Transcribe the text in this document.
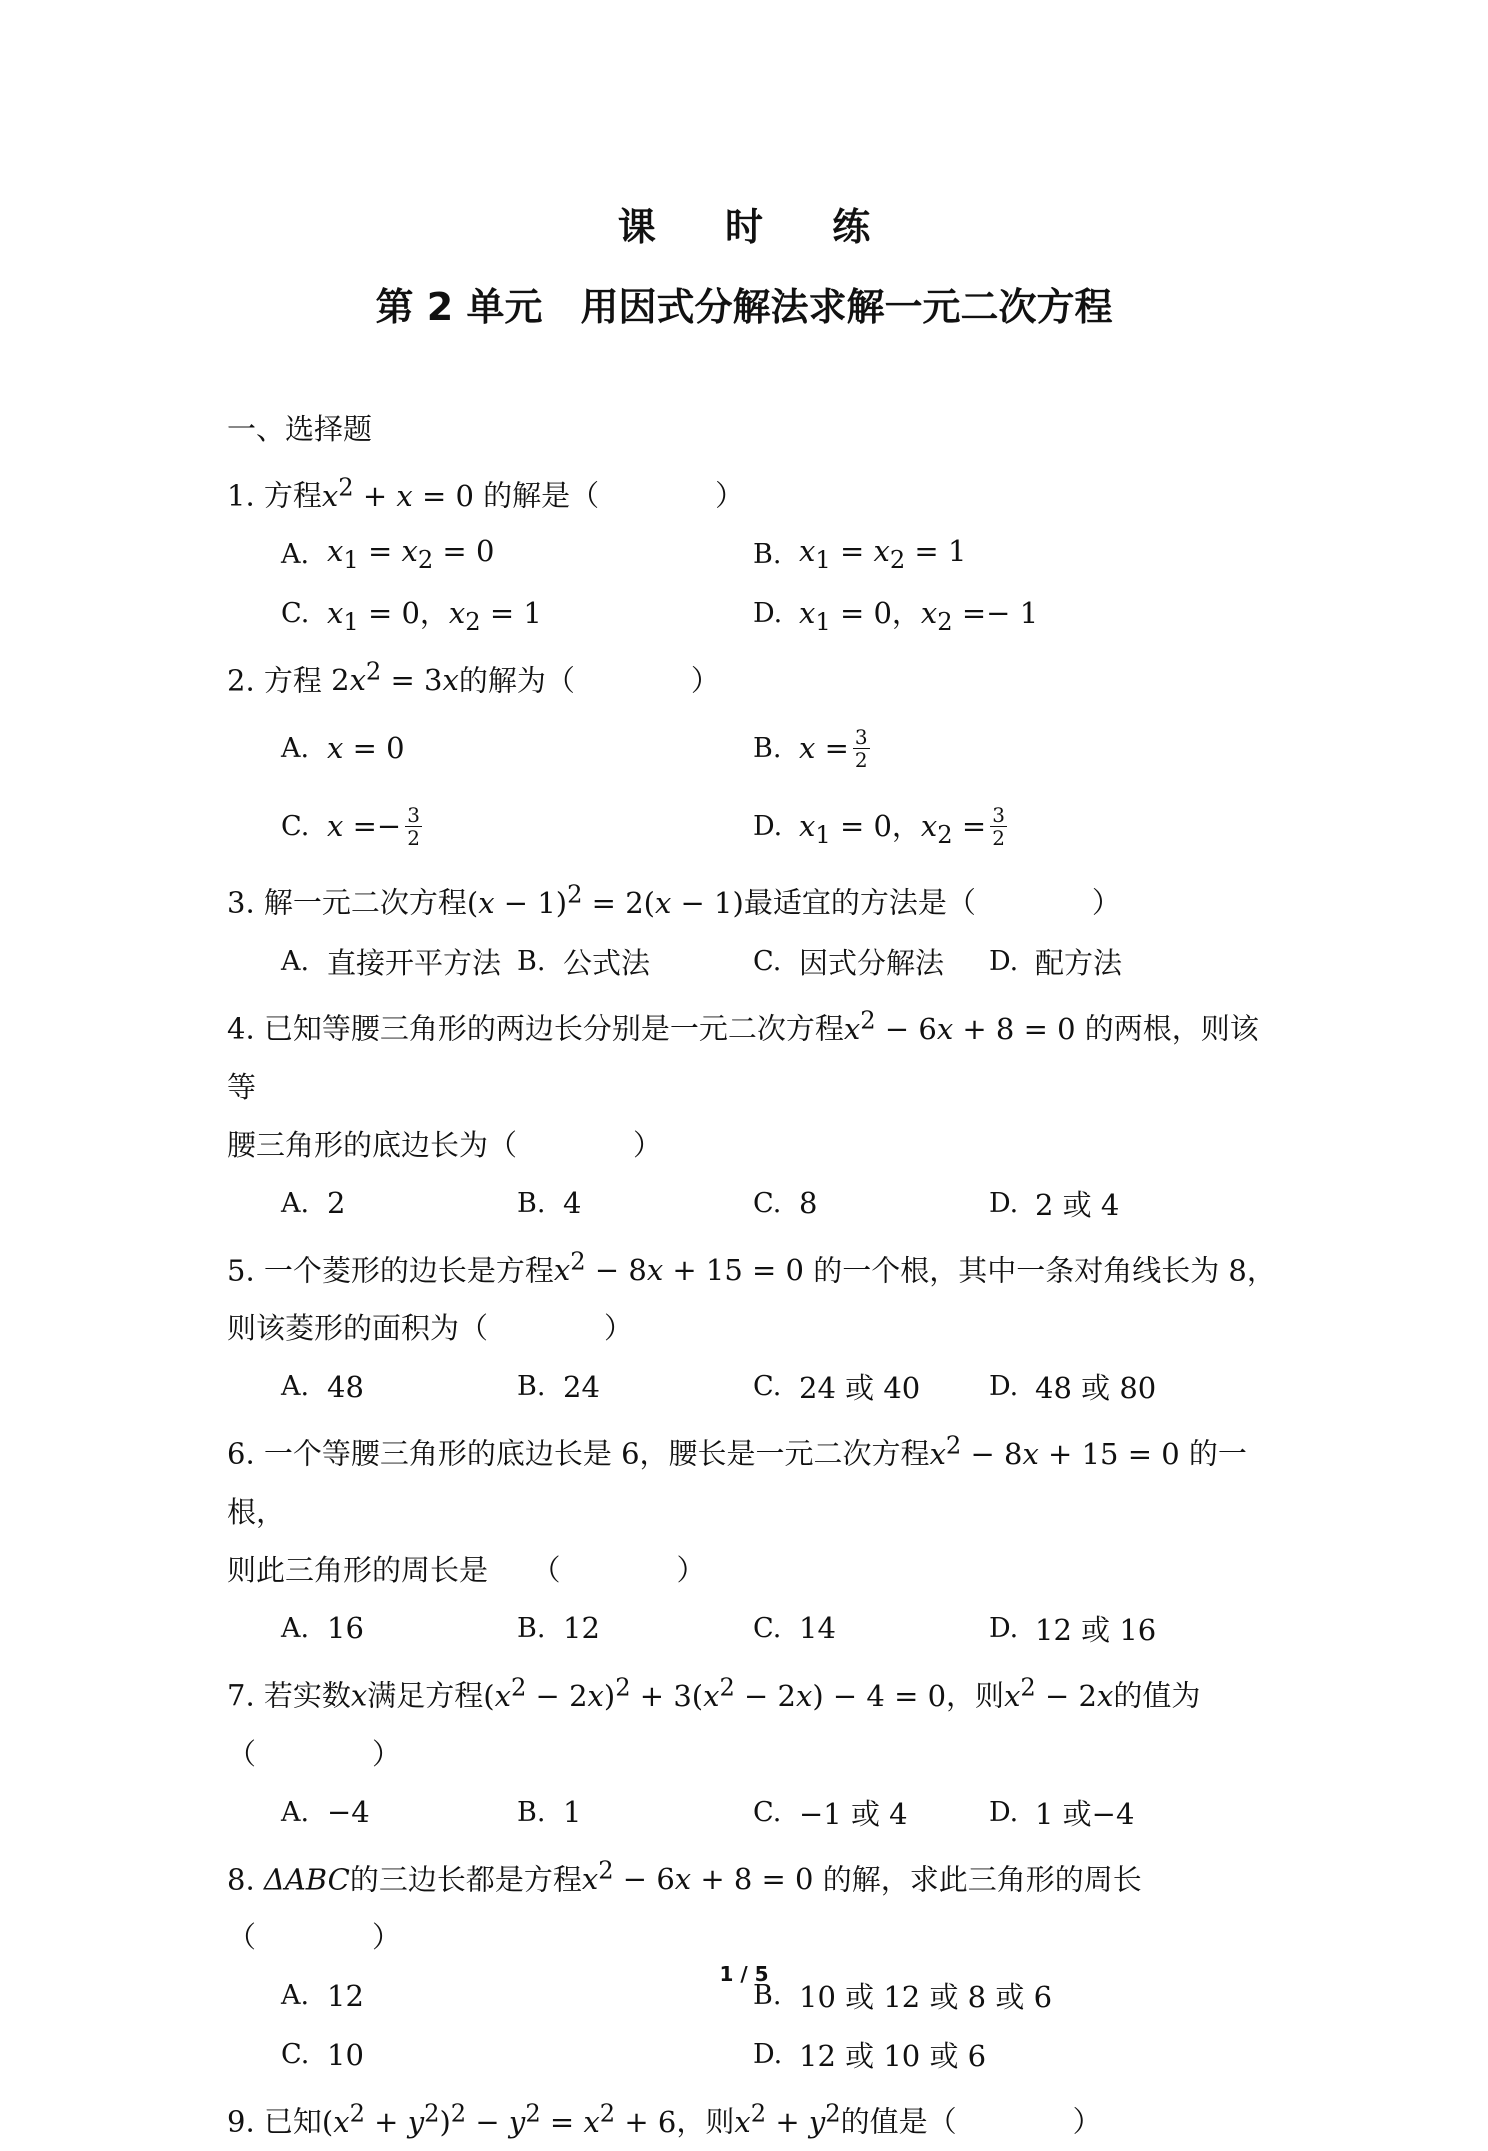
课 时 练
第 2 单元　用因式分解法求解一元二次方程
一、选择题
1. 方程$x^2 + x = 0$ 的解是（　　　　）
A. $x_1 = x_2 = 0$	B. $x_1 = x_2 = 1$
C. $x_1 = 0$，$x_2 = 1$	D. $x_1 = 0$，$x_2 =- 1$
2. 方程 $2x^2 = 3x$的解为（　　　　）
A. x = 0	B. $x = \frac{3}{2}$
C. $x =- \frac{3}{2}$	D. $x_1 = 0$，$x_2 = \frac{3}{2}$
3. 解一元二次方程$(x - 1)^2 = 2(x - 1)$最适宜的方法是（　　　　）
A. 直接开平方法 B. 公式法	C. 因式分解法 D. 配方法
4. 已知等腰三角形的两边长分别是一元二次方程$x^2 - 6x + 8 = 0$ 的两根，则该等
腰三角形的底边长为（　　　　）
A. 2	B. 4	C. 8	D. 2 或 4
5. 一个菱形的边长是方程$x^2 - 8x + 15 = 0$ 的一个根，其中一条对角线长为 8，
则该菱形的面积为（　　　　）
A. 48	B. 24	C. 24 或 40	D. 48 或 80
6. 一个等腰三角形的底边长是 6，腰长是一元二次方程$x^2 - 8x + 15 = 0$ 的一根，
则此三角形的周长是　　（　　　　）
A. 16	B. 12	C. 14	D. 12 或 16
7. 若实数x满足方程$(x^2 - 2x)^2 + 3(x^2 - 2x) - 4 = 0$，则$x^2 - 2x$的值为
（　　　　）
A. −4	B. 1	C. −1 或 4	D. 1 或−4
8. ΔABC的三边长都是方程$x^2 - 6x + 8 = 0$ 的解，求此三角形的周长（　　　　）
A. 12	B. 10 或 12 或 8 或 6
C. 10	D. 12 或 10 或 6
9. 已知$(x^2 + y^2)^2 - y^2 = x^2 + 6$，则$x^2 + y^2$的值是（　　　　）
1 / 5
